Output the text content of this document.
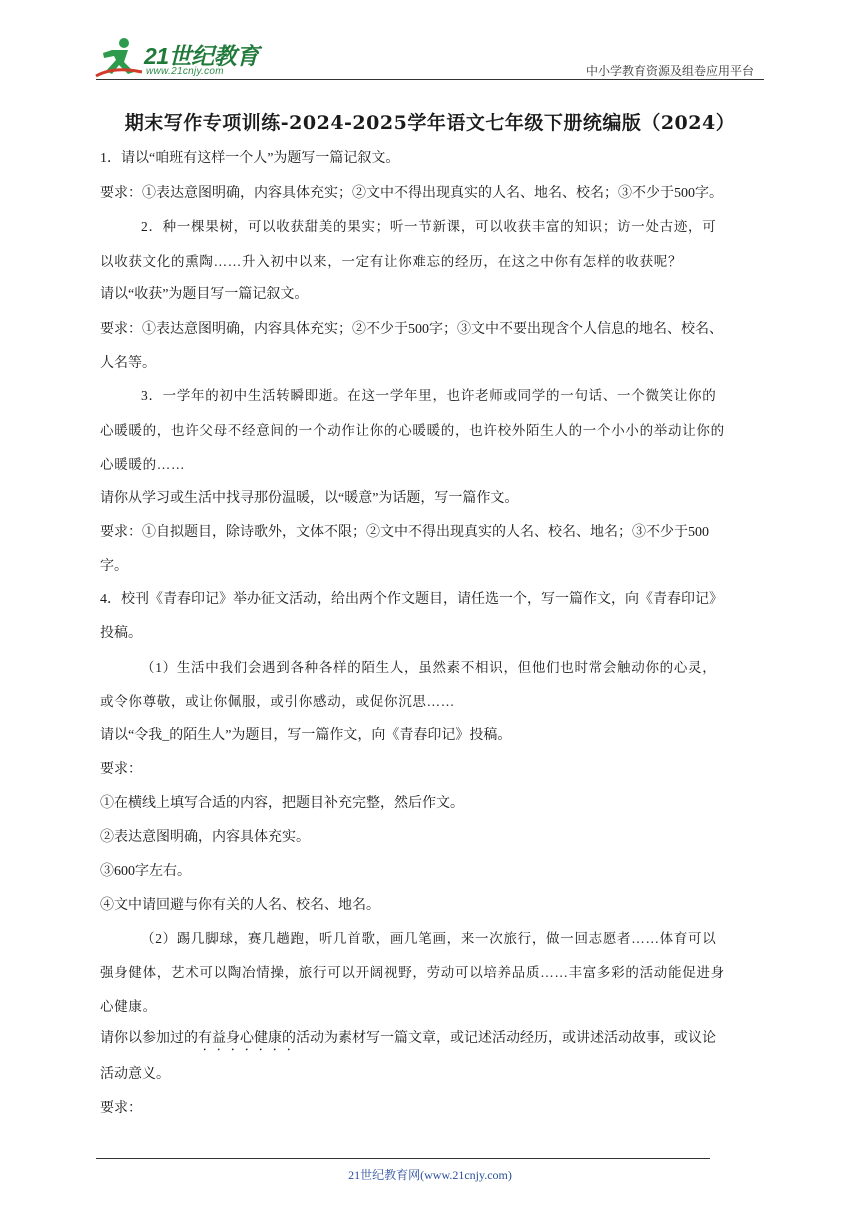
21世纪教育
www.21cnjy.com	中小学教育资源及组卷应用平台
期末写作专项训练-2024-2025学年语文七年级下册统编版（2024）
1．请以“咱班有这样一个人”为题写一篇记叙文。
要求：①表达意图明确，内容具体充实；②文中不得出现真实的人名、地名、校名；③不少于500字。
2．种一棵果树，可以收获甜美的果实；听一节新课，可以收获丰富的知识；访一处古迹，可
以收获文化的熏陶……升入初中以来，一定有让你难忘的经历，在这之中你有怎样的收获呢？
请以“收获”为题目写一篇记叙文。
要求：①表达意图明确，内容具体充实；②不少于500字；③文中不要出现含个人信息的地名、校名、
人名等。
3．一学年的初中生活转瞬即逝。在这一学年里，也许老师或同学的一句话、一个微笑让你的
心暖暖的，也许父母不经意间的一个动作让你的心暖暖的，也许校外陌生人的一个小小的举动让你的
心暖暖的……
请你从学习或生活中找寻那份温暖，以“暖意”为话题，写一篇作文。
要求：①自拟题目，除诗歌外，文体不限；②文中不得出现真实的人名、校名、地名；③不少于500
字。
4．校刊《青春印记》举办征文活动，给出两个作文题目，请任选一个，写一篇作文，向《青春印记》
投稿。
（1）生活中我们会遇到各种各样的陌生人，虽然素不相识，但他们也时常会触动你的心灵，
或令你尊敬，或让你佩服，或引你感动，或促你沉思……
请以“令我_的陌生人”为题目，写一篇作文，向《青春印记》投稿。
要求：
①在横线上填写合适的内容，把题目补充完整，然后作文。
②表达意图明确，内容具体充实。
③600字左右。
④文中请回避与你有关的人名、校名、地名。
（2）踢几脚球，赛几趟跑，听几首歌，画几笔画，来一次旅行，做一回志愿者……体育可以
强身健体，艺术可以陶冶情操，旅行可以开阔视野，劳动可以培养品质……丰富多彩的活动能促进身
心健康。
请你以参加过的有益身心健康的活动为素材写一篇文章，或记述活动经历，或讲述活动故事，或议论
活动意义。
要求：
21世纪教育网(www.21cnjy.com)
